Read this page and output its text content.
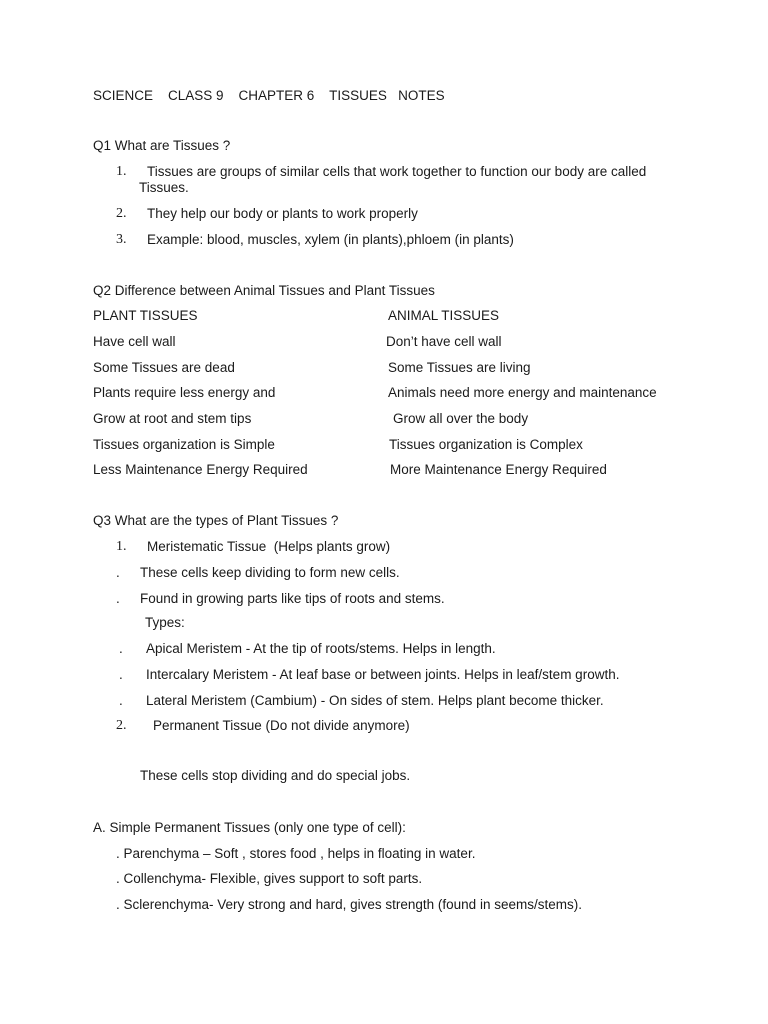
SCIENCE    CLASS 9    CHAPTER 6    TISSUES   NOTES
Q1 What are Tissues ?
1. Tissues are groups of similar cells that work together to function our body are called
Tissues.
2. They help our body or plants to work properly
3. Example: blood, muscles, xylem (in plants),phloem (in plants)
Q2 Difference between Animal Tissues and Plant Tissues
PLANT TISSUES	ANIMAL TISSUES
Have cell wall	Don’t have cell wall
Some Tissues are dead	Some Tissues are living
Plants require less energy and	Animals need more energy and maintenance
Grow at root and stem tips	Grow all over the body
Tissues organization is Simple	Tissues organization is Complex
Less Maintenance Energy Required	More Maintenance Energy Required
Q3 What are the types of Plant Tissues ?
1. Meristematic Tissue  (Helps plants grow)
. These cells keep dividing to form new cells.
. Found in growing parts like tips of roots and stems.
Types:
. Apical Meristem - At the tip of roots/stems. Helps in length.
. Intercalary Meristem - At leaf base or between joints. Helps in leaf/stem growth.
. Lateral Meristem (Cambium) - On sides of stem. Helps plant become thicker.
2. Permanent Tissue (Do not divide anymore)
These cells stop dividing and do special jobs.
A. Simple Permanent Tissues (only one type of cell):
. Parenchyma – Soft , stores food , helps in floating in water.
. Collenchyma- Flexible, gives support to soft parts.
. Sclerenchyma- Very strong and hard, gives strength (found in seems/stems).
